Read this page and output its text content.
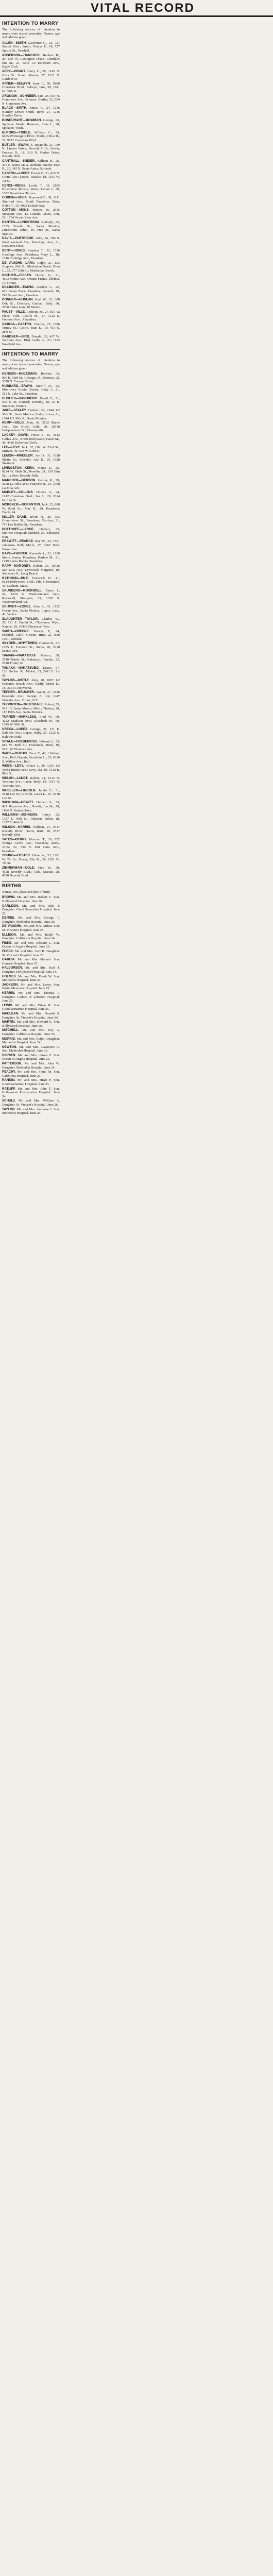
VITAL RECORD
INTENTION TO MARRY
The following notices of intention to marry were issued yesterday. Names, age and address given:
ALLEN—SMITH. Lawrence C., 23, 727 Sunset Blvd.; Smith; Gladys E., 18, 727 Spruce St., Newhall.
ANDERSON—HANCOCK. Reuben B., 29, 539 W. Lexington Drive, Glendale; Sue M., 21, 5243 1/2 Delaware Ave., Eagle Rock.
APPY—GRANT. Harry C., 55, 1145 N. Vista St.; Grant, Marion, 37, 1211 N. Gardner St.
ARNER—SELWYN. Jerry F., 50, 5800 Crenshaw Blvd.; Selwyn, Jane, 28, 1011 W. 38th St.
ARONOW—SCHNEER. Sam, 25, 654 N. Commons Ave.; Schneer, Bertha, 22, 654 N. Commons Ave.
BLACK—SMITH. James F., 24, 1216 Huntley Drive; Smith, Irene, 21, 1216 Huntley Drive.
BONDURANT—BOWMAN. George, 23, Spokane, Wash.; Bowman, Irene L., 20, Spokane, Wash.
BUFORD—TINDLE. William C., 25, 6925 Wilmington Blvd.; Tindle, Olive H., 21, 9512 Crenshaw Blvd.
BUTLER—SWAIN. E. Reynolds, 21, 709 N. Linden Drive, Beverly Hills; Swain, Frances D., 18, 310 N. Rodeo Drive, Beverly Hills.
CANTRALL—SNIDER. William H., 26, 336 N. Santa Anita, Burbank; Snider, Mae R., 20, 342 N. Santa Anita, Burbank.
CASTRO—LOPEZ. Ernest R., 21, 415 N. Grand Ave.; Lopez, Rosalie, 18, 1611 W. 1st St.
CENCI—WEISS. Leslie T., 31, 2105 Broadview Terrace; Weiss, Lillian J., 29, 1052 Broadview Terrace.
CORBIN—SHEA. Raymond F., 38, 1111 Stratford Ave., South Pasadena; Shea, Helen T., 32, 4028 Leland Way.
COTTON—AKINS. Homer, 26, 2615 Mesquite Ave., La Canada; Akins, Ann, 21, 1734 Ocean View Ave.
DANTES—LUNDSTROM. Rudolph, 22, 1535 Fourth St., Santa Monica; Lundstrom, Edith, 19, Pico St., Santa Monica.
DAVIS—PARTRIDGE. John, 24, 306 S. Westmoreland Ave.; Partridge, Ann, 21, Rosslawn Place.
DENT—JONES. Stephen T., 22, 1516 Coolidge Ave., Pasadena; Mary L., 18, 1516 Coolidge Ave., Pasadena.
DE VAUGHN—LARA. Ralph, 21, Los Angeles, 26th St., Manhattan Beach; Dora L., 25, 277 26th St., Manhattan Beach.
DINTHER—FICKES. Homer G., 21, 4603 Monte Ave., Orcutt; Fickes, Thelma, 19, Orcutt.
DILLINGER—TIMING. Gordon L., 22, 620 Grove Place, Pasadena; Annette, 19, 747 Sunset Ave., Pasadena.
DONNER—GUNLAN. Karl W., 23, 308 Oak St., Glendale; Gunlan, Sally, 20, 2500 Cedar Lane, El Monte.
FAUST—VILLE. Anthony M., 27, 813 Va Place; Ville, Lucille M., 27, 1112 S. Fremont Ave., Alhambra.
GARCIA—CASTRO. Charles, 25, 1606 Trinity St.; Castro, Juan E., 18, 413 S. 28th St.
GARDNER—BIRD. Donald, 25, 417 W. Vermont Ave.; Bird, Lydia A., 23, 1123 Westfield Ave.
INTENTION TO MARRY
The following notices of intention to marry were issued yesterday. Names, age and address given:
HENSON—HOLTZMAN. Herbert, 33, 909 E. 53rd St., Chicago, Ill.; Bernice, 22, 3378 N. Canyon Drive.
HUBBARD—ERWIN. Merrill D., 25, Monrovia; Erwin, Bonita, Betty J., 21, 312 S. Lake St., Pasadena.
HUGHES—SANDBERG. David G., 21, 558 S. St. Oxnard; Dorothy, 18, 32 E. Simpson, Ventura.
JAKE—STALEY. Herbert, 24, 1544 1/2 30th St., Santa Monica; Staley, Lorna, 21, 1544 1/2 30th St., Santa Monica.
KEMP—GOLD. John, 42, 3632 Maple Ave., Van Nuys; Gold, 20, 19310 Independence St., Chatsworth.
LACKEY—DAVIS. Pierce J., 45, 4143 Colfax Ave., North Hollywood; Hazel M., 40, 4426 Kirkwood Drive.
LEE—LEVY. Jack, 62, Olv. W. 53rd St.; Miriam, 49, 504 W. 53rd St.
LEMON—WHEELER. Jay D., 31, 1628 Shatto St.; Wheeler, Ann E., 25, 1628 Shatto St.
LIVINGSTON—KERN. Monte E., 26, 8124 W. Beth St.; Roselin, 24, 130 Elm St., La Dow, Beverly Hills.
MARCHER—BERSON. George R., 29, 3628 La Jolla Ave.; Marjorie R., 24, 3708 La Jolla Ave.
MARLEY—COLLINS. Horace A., 24, 1612 Crenshaw Blvd.; Ina A., 29, 2014 W. 81st St.
MCKENZIE—SCRANTON. Jack, 25, 808 W. 92nd St.; Mae R., 29, Pasadena; Frank, 24.
MILLER—DAAB. Irwin H., 26, 393 Grand-view St., Pasadena; Carolyn, 21, 745 Los Robles St., Pasadena.
POTTHOFF—LARGE. Herbert, 33, Melrose Hospital; Mildred, 23, Eldorado, Kan.
PREWITT—PEARCE. Roy W., 24, 7551 Jabonetta Bell; Merle, 17, 6267 Bell-flower Ave.
RAPE—FARRER. Kenneth A., 22, 1919 Sierra Bonita, Pasadena; Pauline M., 21, 1919 Sierra Bonita, Pasadena.
RAPP—MARONEY. Robert, 23, 10726 San Luis Ave., Lynwood; Margaret, 19, Somerset St., Long Beach.
RATHBUN—PILE. Frederick D., 41, 6614 Hollywood Blvd.; Pile, Clementine, 30, Lanham, Mass.
SAUNDERS—ROCKWELL. Elmer J., 24, 1320 S. Westmoreland Ave.; Rockwell, Margaret, 23, 1320 S. Westmoreland Ave.
SCHMIDT—LOPEZ. John S., 41, 1122 Ocean Ave., Santa Monica; Lopez, Lucy, 43, Venice.
SLAUGHTER—TAYLOR. Charles W., 28, 121 E. Euclid St., Cheyenne, Wyo.; Nannie, 18, 10436 Cheyenne, Wyo.
SMITH—GREENE. Harvey F., 24, Soledad, Calif.; Greene, Irma, 23, Box 1081, Soledad.
SNYDER—WHYTEHEN. Thomas R., 27, 1075 E. Fremont St.; Stella, 20, 2210 Scenic Ave.
TAMAKI—NAKATSUJI. Minoru, 29, 2510 Trinity St.; Nakatsuji, Fumiko, 22, 2510 Trinity St.
TANAKA—NAKATSUBO. Tatsuo, 27, 126 Decker St., Midori, 23, 2411 E. 1st St.
TAYLOR—KISTLY. John, 20, 1007 1/2 Redondo Beach Ave.; Kistly, Marie E., 18, 312 N. Hoover St.
TEPPER—BRUCKER. Walter, 27, 3436 Rosedale Ave.; George A., 24, 1247 Wheeler Ave., Bronx, N.Y.
THORNTON—TRUESDALE. Robert, 23, 511 1/2 Santa Monica Blvd.; Thelma, 20, 187 Fifth Ave., Santa Monica.
TURNER—HARKLESS. Fred W., 60, 4232 Madison Ave.; Elizabeth H., 60, 1015 W. 99th St.
UREKA—LOPEZ. George, 21, 131 E. Baldwin Ave.; Lopez, Ruby, 23, 1222 S. Baldwin Park.
VITALE—FREDERICKS. Edward J., 23, 682 W. 86th St.; Fredericks, Ruth, 19, 5121 W. Florence Ave.
WADE—DUPUIS. Oscar T., 46, 1 Walker Ave., Bell; Dupuis, Geraldine L., 23, 6316 S. Walker Ave., Bell.
WEBB—LEVY. Horace J., 30, 1233 1/2 Yerba Buena Ave.; Levy, Ida, 19, 1512 E. 88th St.
WELSH—LANDT. Robert, 24, 1513 N. Vermont Ave.; Landt, Betty, 19, 1513 N. Vermont Ave.
WHEELER—LINCOLN. Jerald C., 31, 3518 Lee St.; Lincoln, Laura L., 25, 3518 Lee St.
WICKHAM—HEWITT. Herbert S., 23, 421 Hyperion Ave.; Hewitt, Lucille, 20, 1104 N. Rodeo Drive.
WILLIAMS—JOHNSON. Harry, 22, 1327 E. 46th St.; Johnson, Helen, 18, 1327 E. 46th St.
WILSON—HARRIS. William, 21, 2517 Beverly Blvd.; Harris, Ruth, 18, 2517 Beverly Blvd.
YATES—BERRY. Norman T., 26, 822 Orange Grove Ave., Pasadena; Berry, Alma, 22, 530 N. Fair Oaks Ave., Pasadena.
YOUNG—FOSTER. Glenn A., 33, 1201 W. 7th St.; Foster, Ella M., 29, 1201 W. 7th St.
ZIMMERMAN—COLE. Fred W., 30, 4528 Beverly Blvd.; Cole, Marian, 28, 4528 Beverly Blvd.
BIRTHS
Names, sex, place and date of birth.
BROWN. Mr. and Mrs. Robert C. Son. Hollywood Hospital. June 26.
CARLSON. Mr. and Mrs. Erik J. Daughter. Good Samaritan Hospital. June 25.
DENNIS. Mr. and Mrs. George T. Daughter. Methodist Hospital. June 26.
DE VAUGHN. Mr. and Mrs. Arthur. Son. St. Vincent's Hospital. June 25.
ELLISON. Mr. and Mrs. Ralph W. Daughter. California Hospital. June 24.
FISKE. Mr. and Mrs. Edward L. Son. Queen of Angels Hospital. June 26.
FUESS. Mr. and Mrs. Carl H. Daughter. St. Vincent's Hospital. June 23.
GARCIA. Mr. and Mrs. Manuel. Son. General Hospital. June 25.
HALVORSEN. Mr. and Mrs. Karl J. Daughter. Hollywood Hospital. June 24.
HOLMES. Mr. and Mrs. Frank W. Son. Methodist Hospital. June 26.
JACKSON. Mr. and Mrs. Leroy. Son. White Memorial Hospital. June 25.
KERRIN. Mr. and Mrs. Thomas P. Daughter. Cedars of Lebanon Hospital. June 26.
LEWIS. Mr. and Mrs. Edgar R. Son. Good Samaritan Hospital. June 25.
MACLEAN. Mr. and Mrs. Donald S. Daughter. St. Vincent's Hospital. June 24.
MARTIN. Mr. and Mrs. Howard E. Son. Hollywood Hospital. June 26.
MITCHELL. Mr. and Mrs. Roy A. Daughter. California Hospital. June 25.
MORRIS. Mr. and Mrs. Ralph. Daughter. Methodist Hospital. June 24.
NEWTON. Mr. and Mrs. Lawrence C. Son. Methodist Hospital. June 26.
O'BRIEN. Mr. and Mrs. James F. Son. Queen of Angels Hospital. June 25.
PATTERSON. Mr. and Mrs. John W. Daughter. Methodist Hospital. June 24.
PEACHY. Mr. and Mrs. Frank M. Son. California Hospital. June 26.
RANKIN. Mr. and Mrs. Hugh P. Son. Good Samaritan Hospital. June 25.
RATLIFF. Mr. and Mrs. John T. Son. Hollywood Presbyterian Hospital. June 24.
SCHULZ. Mr. and Mrs. William A. Daughter. St. Vincent's Hospital. June 26.
TAYLOR. Mr. and Mrs. Ambrose J. Son. Methodist Hospital. June 26.
